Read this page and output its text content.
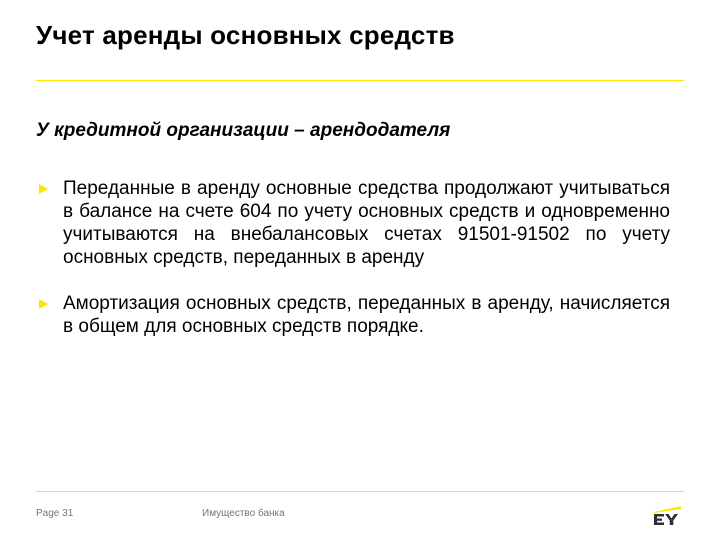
Учет аренды основных средств
У кредитной организации – арендодателя
Переданные в аренду основные средства продолжают учитываться в балансе на счете 604 по учету основных средств и одновременно учитываются на внебалансовых счетах 91501-91502 по учету основных средств, переданных в аренду
Амортизация основных средств, переданных в аренду, начисляется в общем для основных средств порядке.
Page 31	Имущество банка
